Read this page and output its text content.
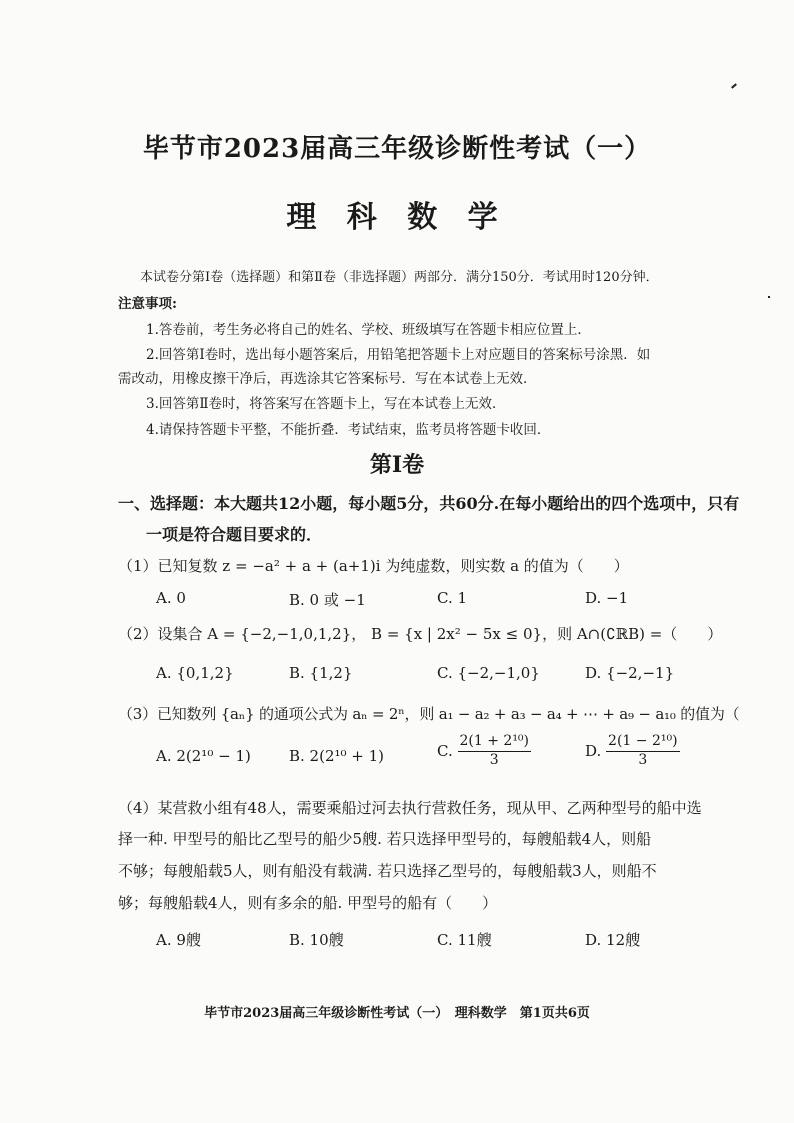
毕节市2023届高三年级诊断性考试（一）
理 科 数 学
本试卷分第Ⅰ卷（选择题）和第Ⅱ卷（非选择题）两部分．满分150分．考试用时120分钟．
注意事项:
1.答卷前，考生务必将自己的姓名、学校、班级填写在答题卡相应位置上．
2.回答第Ⅰ卷时，选出每小题答案后，用铅笔把答题卡上对应题目的答案标号涂黑．如
需改动，用橡皮擦干净后，再选涂其它答案标号．写在本试卷上无效．
3.回答第Ⅱ卷时，将答案写在答题卡上，写在本试卷上无效．
4.请保持答题卡平整，不能折叠．考试结束，监考员将答题卡收回．
第Ⅰ卷
一、选择题：本大题共12小题，每小题5分，共60分.在每小题给出的四个选项中，只有
一项是符合题目要求的．
（1）已知复数 z = −a² + a + (a+1)i 为纯虚数，则实数 a 的值为（　　）
A. 0	B. 0 或 −1	C. 1	D. −1
（2）设集合 A = {−2,−1,0,1,2}， B = {x | 2x² − 5x ≤ 0}，则 A∩(∁ℝB) =（　　）
A. {0,1,2}	B. {1,2}	C. {−2,−1,0}	D. {−2,−1}
（3）已知数列 {aₙ} 的通项公式为 aₙ = 2ⁿ，则 a₁ − a₂ + a₃ − a₄ + ⋯ + a₉ − a₁₀ 的值为（
A. 2(2¹⁰ − 1)	B. 2(2¹⁰ + 1)	C. $\frac{\text{2(1 + 2¹⁰)}}{3}$	D. $\frac{\text{2(1 − 2¹⁰)}}{3}$
（4）某营救小组有48人，需要乘船过河去执行营救任务，现从甲、乙两种型号的船中选
择一种. 甲型号的船比乙型号的船少5艘. 若只选择甲型号的，每艘船载4人，则船
不够；每艘船载5人，则有船没有载满. 若只选择乙型号的，每艘船载3人，则船不
够；每艘船载4人，则有多余的船. 甲型号的船有（　　）
A. 9艘	B. 10艘	C. 11艘	D. 12艘
毕节市2023届高三年级诊断性考试（一）　理科数学　第1页共6页
